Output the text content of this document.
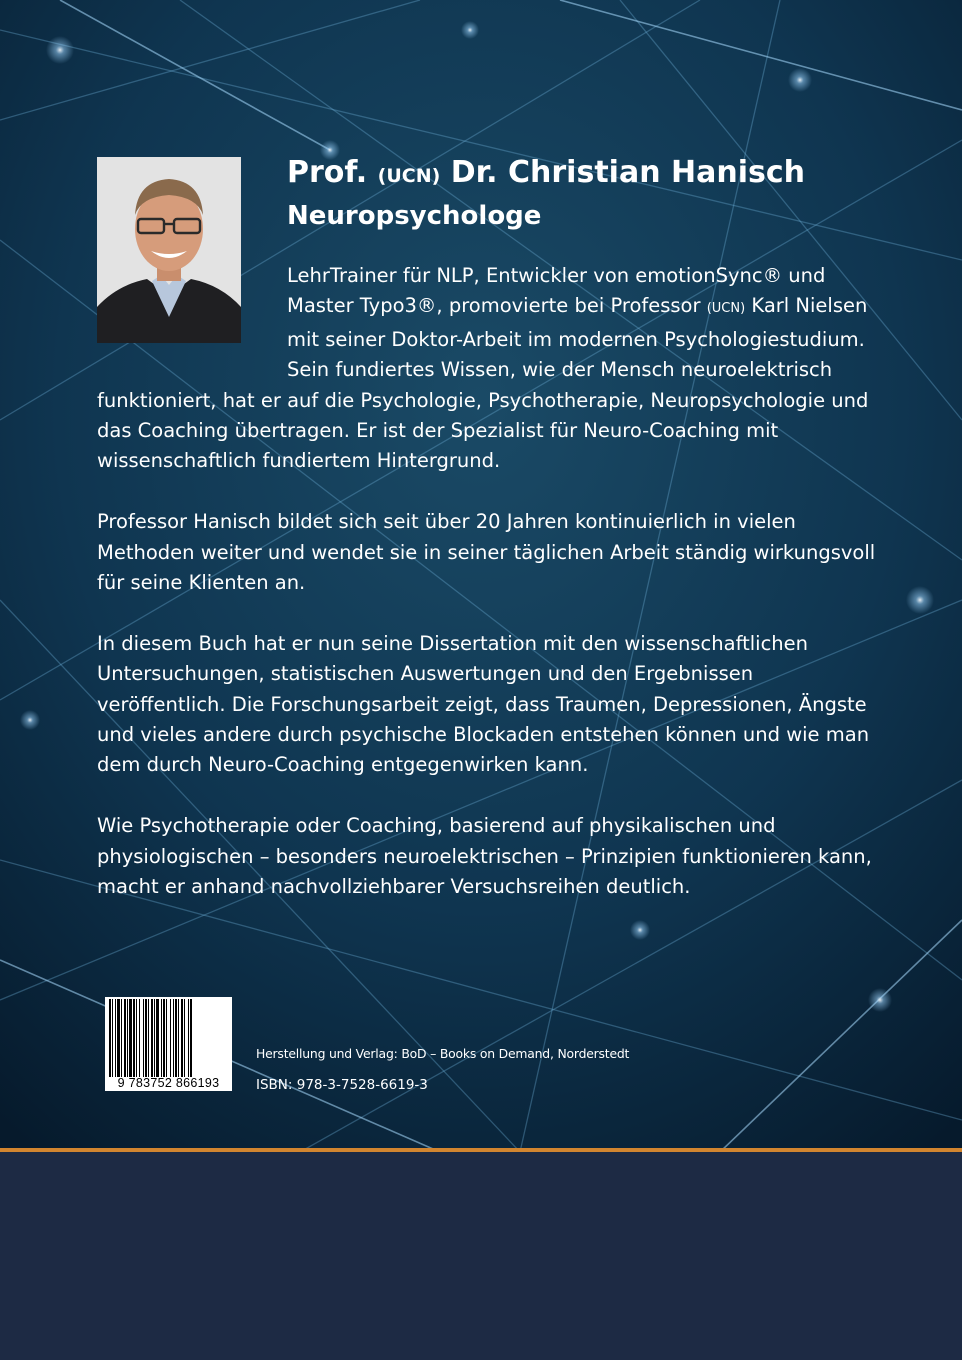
Prof. (UCN) Dr. Christian Hanisch
Neuropsychologe

LehrTrainer für NLP, Entwickler von emotionSync® und Master Typo3®, promovierte bei Professor (UCN) Karl Nielsen mit seiner Doktor-Arbeit im modernen Psychologiestudium. Sein fundiertes Wissen, wie der Mensch neuroelektrisch funktioniert, hat er auf die Psychologie, Psychotherapie, Neuropsychologie und das Coaching übertragen. Er ist der Spezialist für Neuro-Coaching mit wissenschaftlich fundiertem Hintergrund.

Professor Hanisch bildet sich seit über 20 Jahren kontinuierlich in vielen Methoden weiter und wendet sie in seiner täglichen Arbeit ständig wirkungsvoll für seine Klienten an.

In diesem Buch hat er nun seine Dissertation mit den wissenschaftlichen Untersuchungen, statistischen Auswertungen und den Ergebnissen veröffentlich. Die Forschungsarbeit zeigt, dass Traumen, Depressionen, Ängste und vieles andere durch psychische Blockaden entstehen können und wie man dem durch Neuro-Coaching entgegenwirken kann.

Wie Psychotherapie oder Coaching, basierend auf physikalischen und physiologischen – besonders neuroelektrischen – Prinzipien funktionieren kann, macht er anhand nachvollziehbarer Versuchsreihen deutlich.

9 783752 866193
Herstellung und Verlag: BoD – Books on Demand, Norderstedt
ISBN: 978-3-7528-6619-3
